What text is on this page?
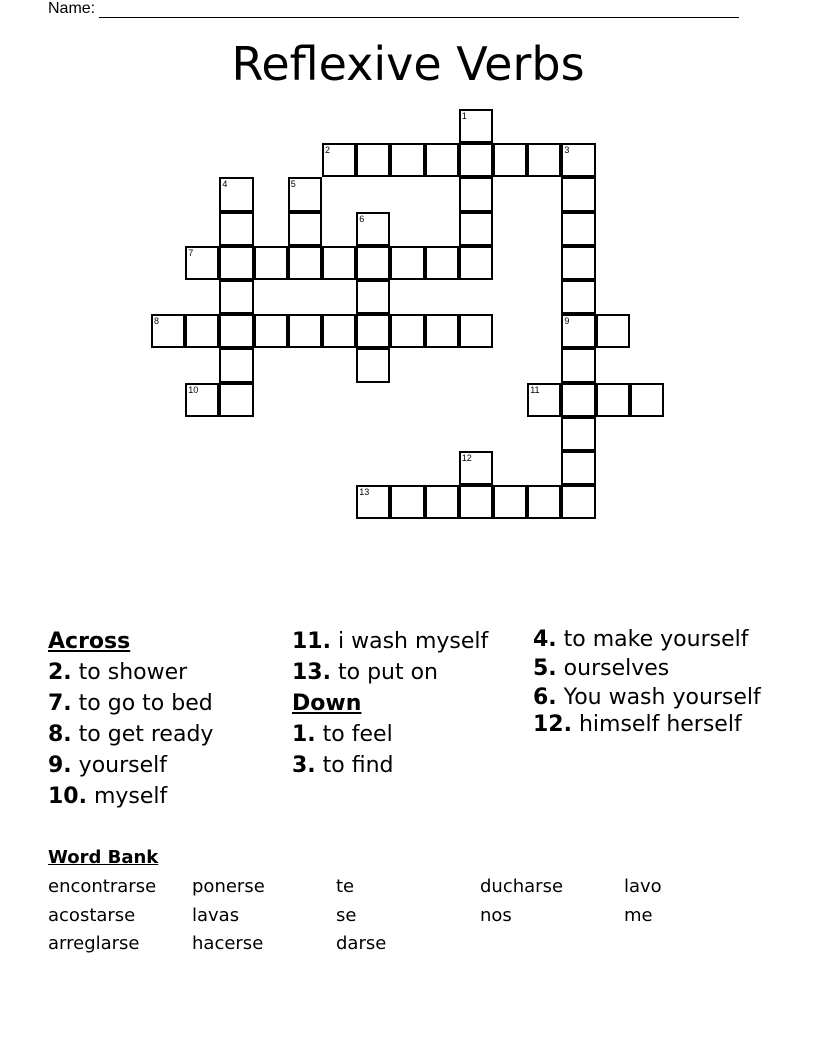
Name:
Reflexive Verbs
1
2	3
4	5
6
7
8	9
10	11
12
13
Across
2. to shower
7. to go to bed
8. to get ready
9. yourself
10. myself
11. i wash myself
13. to put on
Down
1. to feel
3. to find
4. to make yourself
5. ourselves
6. You wash yourself
12. himself herself
Word Bank
encontrarse	ponerse	te	ducharse	lavo
acostarse	lavas	se	nos	me
arreglarse	hacerse	darse
